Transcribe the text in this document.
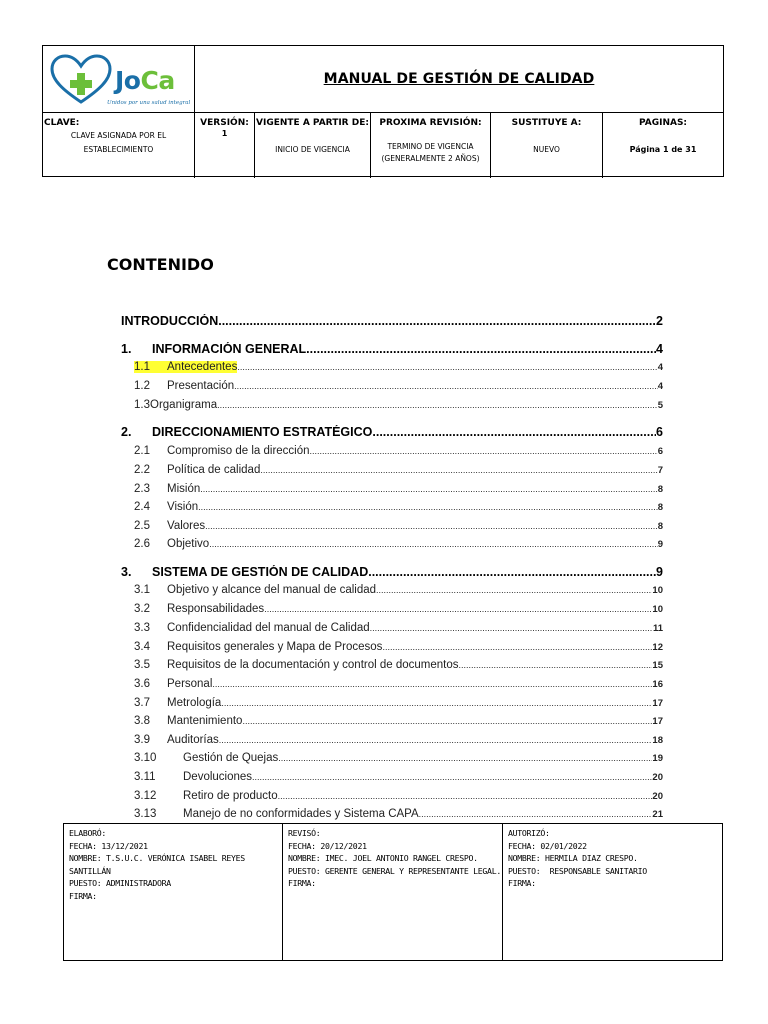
JoCa
Unidos por una salud integral
MANUAL DE GESTIÓN DE CALIDAD
CLAVE:
CLAVE ASIGNADA POR EL
ESTABLECIMIENTO
VERSIÓN:
1
VIGENTE A PARTIR DE:
INICIO DE VIGENCIA
PROXIMA REVISIÓN:
TERMINO DE VIGENCIA
(GENERALMENTE 2 AÑOS)
SUSTITUYE A:
NUEVO
PAGINAS:
Página 1 de 31
CONTENIDO
INTRODUCCIÓN .....	2
1.	INFORMACIÓN GENERAL .....	4
1.1	Antecedentes .....	4
1.2	Presentación .....	4
1.3 Organigrama .....	5
2.	DIRECCIONAMIENTO ESTRATÉGICO .....	6
2.1	Compromiso de la dirección .....	6
2.2	Política de calidad .....	7
2.3	Misión .....	8
2.4	Visión .....	8
2.5	Valores .....	8
2.6	Objetivo .....	9
3.	SISTEMA DE GESTIÓN DE CALIDAD .....	9
3.1	Objetivo y alcance del manual de calidad .....	10
3.2	Responsabilidades .....	10
3.3	Confidencialidad del manual de Calidad .....	11
3.4	Requisitos generales y Mapa de Procesos .....	12
3.5	Requisitos de la documentación y control de documentos .....	15
3.6	Personal .....	16
3.7	Metrología .....	17
3.8	Mantenimiento .....	17
3.9	Auditorías .....	18
3.10	Gestión de Quejas .....	19
3.11	Devoluciones .....	20
3.12	Retiro de producto .....	20
3.13	Manejo de no conformidades y Sistema CAPA .....	21
ELABORÓ:
FECHA: 13/12/2021
NOMBRE: T.S.U.C. VERÓNICA ISABEL REYES SANTILLÁN
PUESTO: ADMINISTRADORA
FIRMA:
REVISÓ:
FECHA: 20/12/2021
NOMBRE: IMEC. JOEL ANTONIO RANGEL CRESPO.
PUESTO: GERENTE GENERAL Y REPRESENTANTE LEGAL.
FIRMA:
AUTORIZÓ:
FECHA: 02/01/2022
NOMBRE: HERMILA DIAZ CRESPO.
PUESTO:  RESPONSABLE SANITARIO
FIRMA:
